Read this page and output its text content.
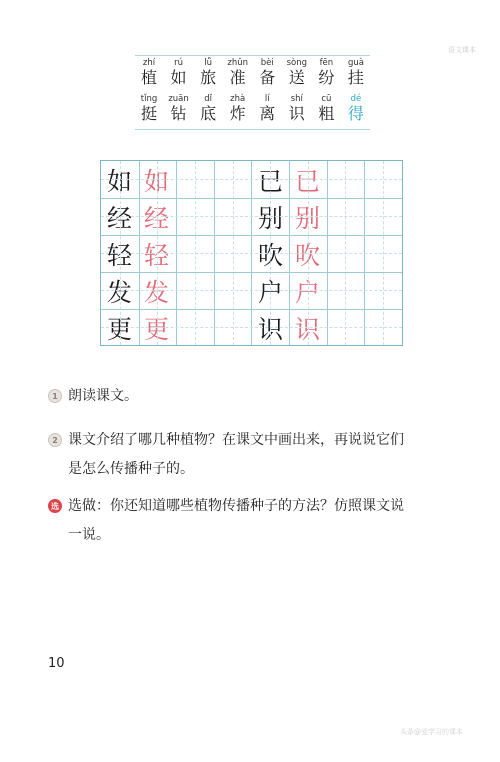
语文课本
zhí
植
rú
如
lǚ
旅
zhǔn
准
bèi
备
sòng
送
fēn
纷
guà
挂
tǐng
挺
zuān
钻
dǐ
底
zhà
炸
lí
离
shí
识
cū
粗
dé
得
如 如
经 经
轻 轻
发 发
更 更
已 已
别 别
吹 吹
户 户
识 识
1 朗读课文。
2 课文介绍了哪几种植物？在课文中画出来，再说说它们
是怎么传播种子的。
选 选做：你还知道哪些植物传播种子的方法？仿照课文说
一说。
10
头条@爱学习的课本
